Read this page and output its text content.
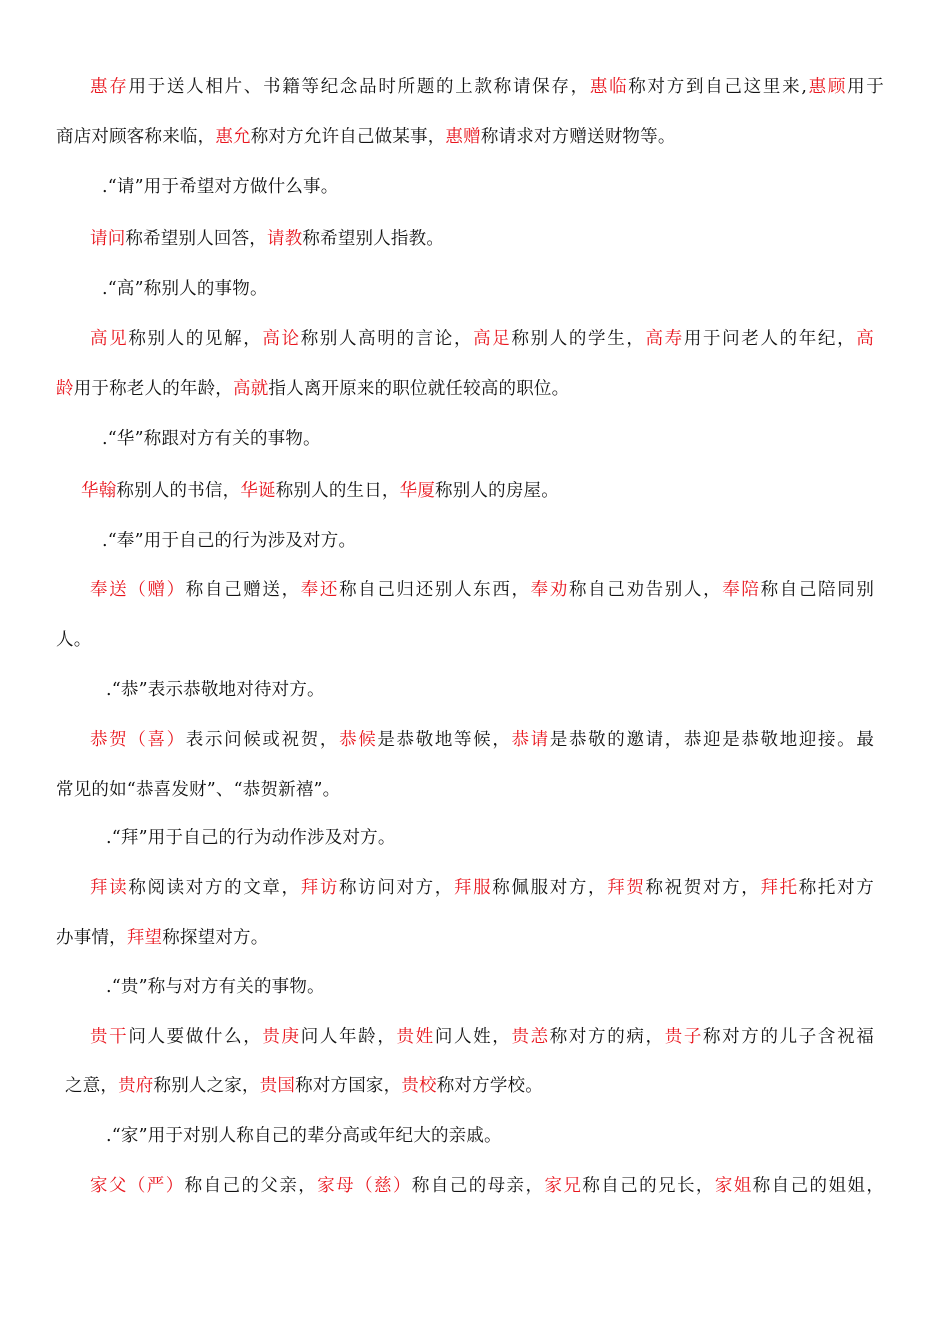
惠存用于送人相片、书籍等纪念品时所题的上款称请保存，惠临称对方到自己这里来,惠顾用于
商店对顾客称来临，惠允称对方允许自己做某事，惠赠称请求对方赠送财物等。
.“请”用于希望对方做什么事。
请问称希望别人回答，请教称希望别人指教。
.“高”称别人的事物。
高见称别人的见解，高论称别人高明的言论，高足称别人的学生，高寿用于问老人的年纪，高
龄用于称老人的年龄，高就指人离开原来的职位就任较高的职位。
.“华”称跟对方有关的事物。
华翰称别人的书信，华诞称别人的生日，华厦称别人的房屋。
.“奉”用于自己的行为涉及对方。
奉送（赠）称自己赠送，奉还称自己归还别人东西，奉劝称自己劝告别人，奉陪称自己陪同别
人。
.“恭”表示恭敬地对待对方。
恭贺（喜）表示问候或祝贺，恭候是恭敬地等候，恭请是恭敬的邀请，恭迎是恭敬地迎接。最
常见的如“恭喜发财”、“恭贺新禧”。
.“拜”用于自己的行为动作涉及对方。
拜读称阅读对方的文章，拜访称访问对方，拜服称佩服对方，拜贺称祝贺对方，拜托称托对方
办事情，拜望称探望对方。
.“贵”称与对方有关的事物。
贵干问人要做什么，贵庚问人年龄，贵姓问人姓，贵恙称对方的病，贵子称对方的儿子含祝福
之意，贵府称别人之家，贵国称对方国家，贵校称对方学校。
.“家”用于对别人称自己的辈分高或年纪大的亲戚。
家父（严）称自己的父亲，家母（慈）称自己的母亲，家兄称自己的兄长，家姐称自己的姐姐，
